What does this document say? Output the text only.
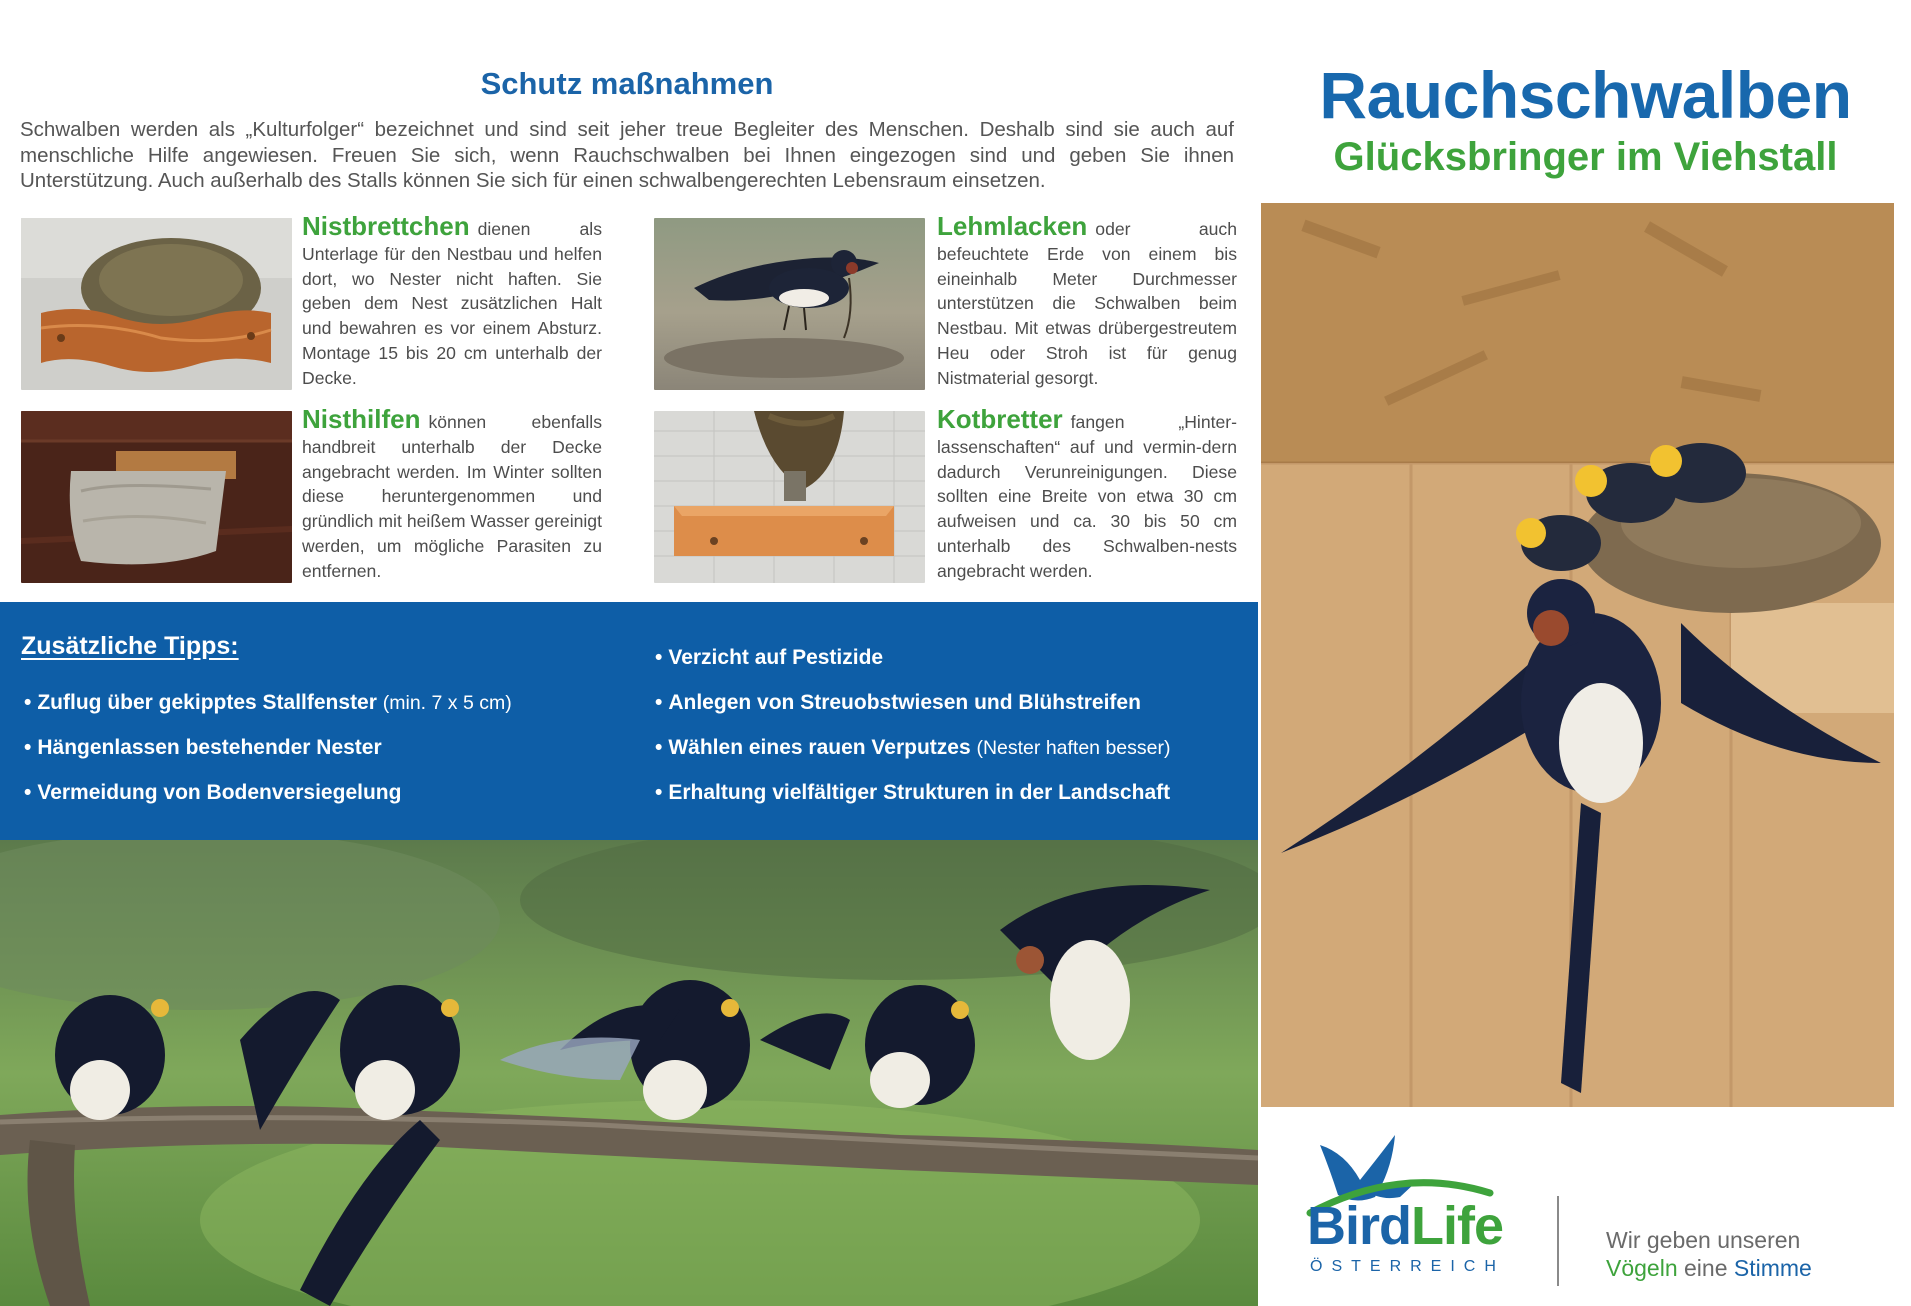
Schutz maßnahmen

Schwalben werden als „Kulturfolger“ bezeichnet und sind seit jeher treue Begleiter des Menschen. Deshalb sind sie auch auf menschliche Hilfe angewiesen. Freuen Sie sich, wenn Rauchschwalben bei Ihnen eingezogen sind und geben Sie ihnen Unterstützung. Auch außerhalb des Stalls können Sie sich für einen schwalbengerechten Lebensraum einsetzen.

Nistbrettchen dienen als Unterlage für den Nestbau und helfen dort, wo Nester nicht haften. Sie geben dem Nest zusätzlichen Halt und bewahren es vor einem Absturz. Montage 15 bis 20 cm unterhalb der Decke.
Lehmlacken oder auch befeuchtete Erde von einem bis eineinhalb Meter Durchmesser unterstützen die Schwalben beim Nestbau. Mit etwas drübergestreutem Heu oder Stroh ist für genug Nistmaterial gesorgt.
Nisthilfen können ebenfalls handbreit unterhalb der Decke angebracht werden. Im Winter sollten diese heruntergenommen und gründlich mit heißem Wasser gereinigt werden, um mögliche Parasiten zu entfernen.
Kotbretter fangen „Hinter-lassenschaften“ auf und vermin-dern dadurch Verunreinigungen. Diese sollten eine Breite von etwa 30 cm aufweisen und ca. 30 bis 50 cm unterhalb des Schwalben-nests angebracht werden.
Zusätzliche Tipps:
• Zuflug über gekipptes Stallfenster (min. 7 x 5 cm)
• Hängenlassen bestehender Nester
• Vermeidung von Bodenversiegelung
• Verzicht auf Pestizide
• Anlegen von Streuobstwiesen und Blühstreifen
• Wählen eines rauen Verputzes (Nester haften besser)
• Erhaltung vielfältiger Strukturen in der Landschaft
Rauchschwalben
Glücksbringer im Viehstall
BirdLife
ÖSTERREICH
Wir geben unseren
Vögeln eine Stimme
